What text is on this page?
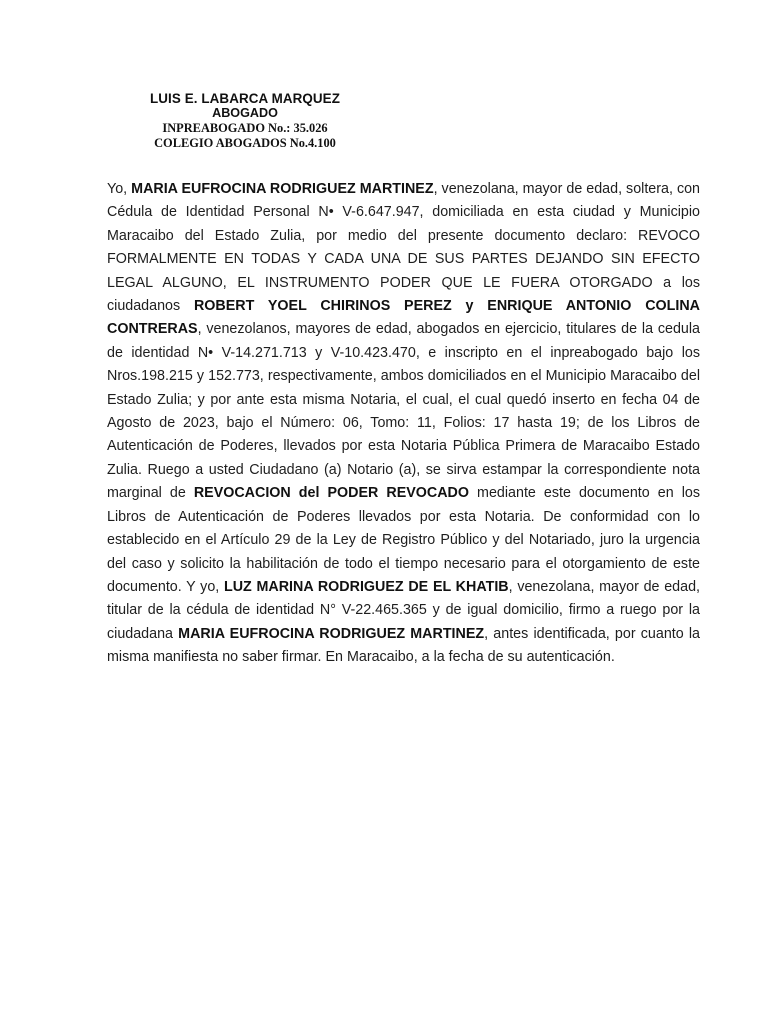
LUIS E. LABARCA MARQUEZ
ABOGADO
INPREABOGADO No.: 35.026
COLEGIO ABOGADOS No.4.100

Yo, MARIA EUFROCINA RODRIGUEZ MARTINEZ, venezolana, mayor de edad, soltera, con Cédula de Identidad Personal N• V-6.647.947, domiciliada en esta ciudad y Municipio Maracaibo del Estado Zulia, por medio del presente documento declaro: REVOCO FORMALMENTE EN TODAS Y CADA UNA DE SUS PARTES DEJANDO SIN EFECTO LEGAL ALGUNO, EL INSTRUMENTO PODER QUE LE FUERA OTORGADO a los ciudadanos ROBERT YOEL CHIRINOS PEREZ y ENRIQUE ANTONIO COLINA CONTRERAS, venezolanos, mayores de edad, abogados en ejercicio, titulares de la cedula de identidad N• V-14.271.713 y V-10.423.470, e inscripto en el inpreabogado bajo los Nros.198.215 y 152.773, respectivamente, ambos domiciliados en el Municipio Maracaibo del Estado Zulia; y por ante esta misma Notaria, el cual, el cual quedó inserto en fecha 04 de Agosto de 2023, bajo el Número: 06, Tomo: 11, Folios: 17 hasta 19; de los Libros de Autenticación de Poderes, llevados por esta Notaria Pública Primera de Maracaibo Estado Zulia. Ruego a usted Ciudadano (a) Notario (a), se sirva estampar la correspondiente nota marginal de REVOCACION del PODER REVOCADO mediante este documento en los Libros de Autenticación de Poderes llevados por esta Notaria. De conformidad con lo establecido en el Artículo 29 de la Ley de Registro Público y del Notariado, juro la urgencia del caso y solicito la habilitación de todo el tiempo necesario para el otorgamiento de este documento. Y yo, LUZ MARINA RODRIGUEZ DE EL KHATIB, venezolana, mayor de edad, titular de la cédula de identidad N° V-22.465.365 y de igual domicilio, firmo a ruego por la ciudadana MARIA EUFROCINA RODRIGUEZ MARTINEZ, antes identificada, por cuanto la misma manifiesta no saber firmar. En Maracaibo, a la fecha de su autenticación.
